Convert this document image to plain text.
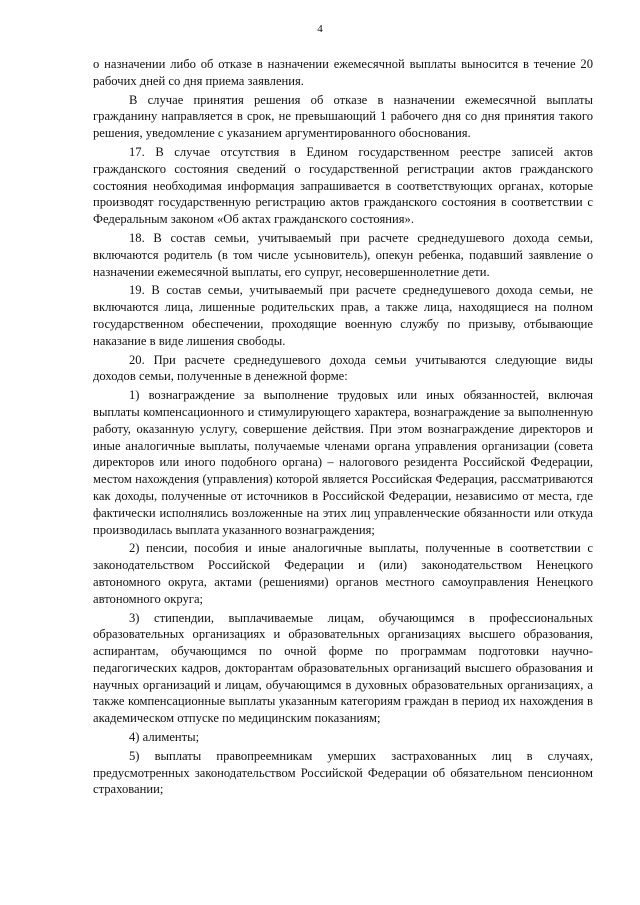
4

о назначении либо об отказе в назначении ежемесячной выплаты выносится в течение 20 рабочих дней со дня приема заявления.

В случае принятия решения об отказе в назначении ежемесячной выплаты гражданину направляется в срок, не превышающий 1 рабочего дня со дня принятия такого решения, уведомление с указанием аргументированного обоснования.

17. В случае отсутствия в Едином государственном реестре записей актов гражданского состояния сведений о государственной регистрации актов гражданского состояния необходимая информация запрашивается в соответствующих органах, которые производят государственную регистрацию актов гражданского состояния в соответствии с Федеральным законом «Об актах гражданского состояния».

18. В состав семьи, учитываемый при расчете среднедушевого дохода семьи, включаются родитель (в том числе усыновитель), опекун ребенка, подавший заявление о назначении ежемесячной выплаты, его супруг, несовершеннолетние дети.

19. В состав семьи, учитываемый при расчете среднедушевого дохода семьи, не включаются лица, лишенные родительских прав, а также лица, находящиеся на полном государственном обеспечении, проходящие военную службу по призыву, отбывающие наказание в виде лишения свободы.

20. При расчете среднедушевого дохода семьи учитываются следующие виды доходов семьи, полученные в денежной форме:

1) вознаграждение за выполнение трудовых или иных обязанностей, включая выплаты компенсационного и стимулирующего характера, вознаграждение за выполненную работу, оказанную услугу, совершение действия. При этом вознаграждение директоров и иные аналогичные выплаты, получаемые членами органа управления организации (совета директоров или иного подобного органа) – налогового резидента Российской Федерации, местом нахождения (управления) которой является Российская Федерация, рассматриваются как доходы, полученные от источников в Российской Федерации, независимо от места, где фактически исполнялись возложенные на этих лиц управленческие обязанности или откуда производилась выплата указанного вознаграждения;

2) пенсии, пособия и иные аналогичные выплаты, полученные в соответствии с законодательством Российской Федерации и (или) законодательством Ненецкого автономного округа, актами (решениями) органов местного самоуправления Ненецкого автономного округа;

3) стипендии, выплачиваемые лицам, обучающимся в профессиональных образовательных организациях и образовательных организациях высшего образования, аспирантам, обучающимся по очной форме по программам подготовки научно-педагогических кадров, докторантам образовательных организаций высшего образования и научных организаций и лицам, обучающимся в духовных образовательных организациях, а также компенсационные выплаты указанным категориям граждан в период их нахождения в академическом отпуске по медицинским показаниям;

4) алименты;

5) выплаты правопреемникам умерших застрахованных лиц в случаях, предусмотренных законодательством Российской Федерации об обязательном пенсионном страховании;
